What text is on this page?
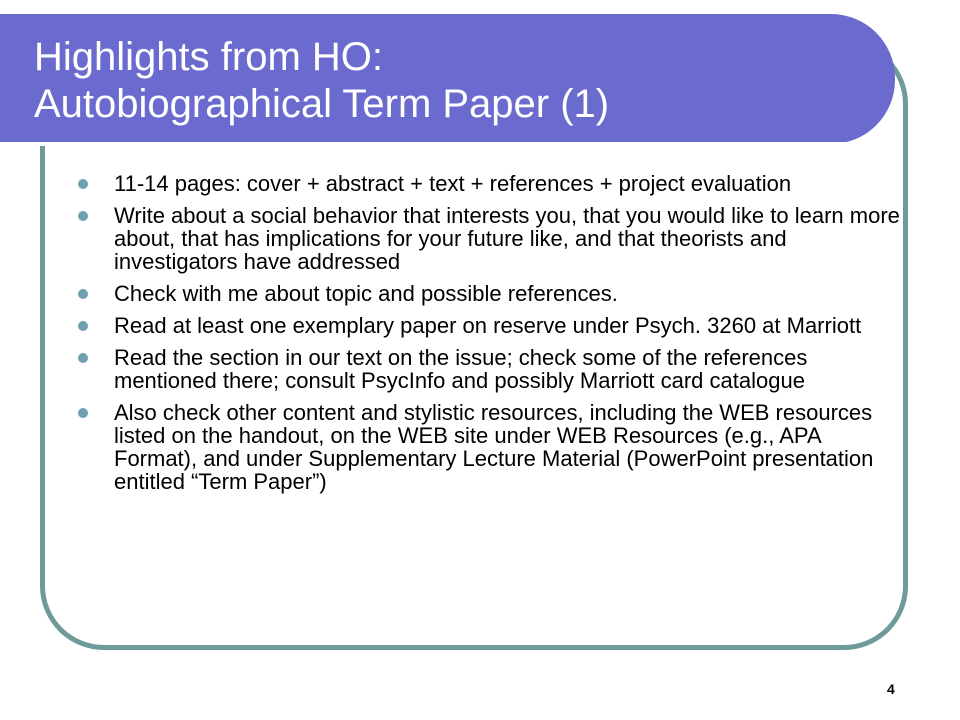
Highlights from HO:
Autobiographical Term Paper (1)
11-14 pages: cover + abstract + text + references + project evaluation
Write about a social behavior that interests you, that you would like to learn more about, that has implications for your future like, and that theorists and investigators have addressed
Check with me about topic and possible references.
Read at least one exemplary paper on reserve under Psych. 3260 at Marriott
Read the section in our text on the issue; check some of the references mentioned there; consult PsycInfo and possibly Marriott card catalogue
Also check other content and stylistic resources, including the WEB resources listed on the handout, on the WEB site under WEB Resources (e.g., APA Format), and under Supplementary Lecture Material (PowerPoint presentation entitled “Term Paper”)
4
